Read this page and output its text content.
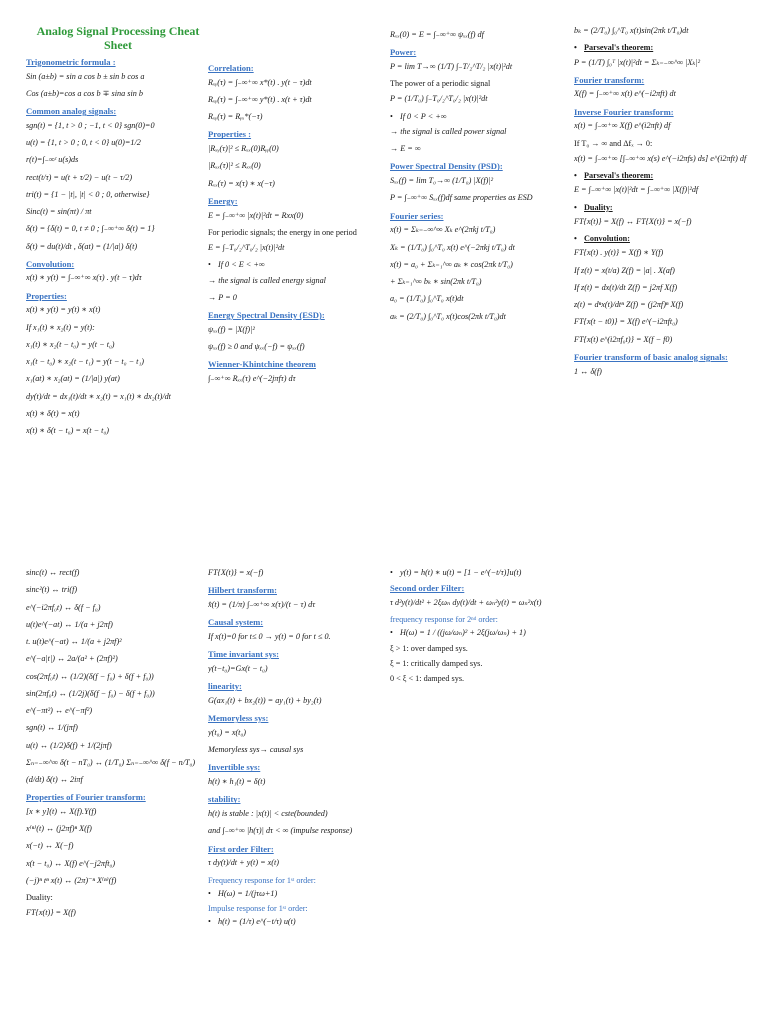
Analog Signal Processing Cheat Sheet
Trigonometric formula :
Sin (a±b) = sin a cos b ± sin b cos a
Cos (a±b)=cos a cos b ∓ sina sin b
Common analog signals:
sgn(t) = {1, t > 0 ; −1, t < 0} sgn(0)=0
u(t) = {1, t > 0 ; 0, t < 0} u(0)=1/2
r(t)=∫₋∞ᵗ u(s)ds
rect(t/τ) = u(t + τ/2) − u(t − τ/2)
tri(t) = {1 − |t|, |t| < 0 ; 0, otherwise}
Sinc(t) = sin(πt) / πt
δ(t) = {δ(t) = 0, t ≠ 0 ; ∫₋∞⁺∞ δ(t) = 1}
δ(t) = du(t)/dt , δ(at) = (1/|a|) δ(t)
Convolution:
x(t) ∗ y(t) = ∫₋∞⁺∞ x(τ) . y(t − τ)dτ
Properties:
x(t) ∗ y(t) = y(t) ∗ x(t)
If x₁(t) ∗ x₂(t) = y(t):
x₁(t) ∗ x₂(t − t₀) = y(t − t₀)
x₁(t − t₀) ∗ x₂(t − t₁) = y(t − t₀ − t₁)
x₁(at) ∗ x₂(at) = (1/|a|) y(at)
dy(t)/dt = dx₁(t)/dt ∗ x₂(t) = x₁(t) ∗ dx₂(t)/dt
x(t) ∗ δ(t) = x(t)
x(t) ∗ δ(t − t₀) = x(t − t₀)
Correlation:
Rₓᵧ(τ) = ∫₋∞⁺∞ x*(t) . y(t − τ)dt
Rₓᵧ(τ) = ∫₋∞⁺∞ y*(t) . x(t + τ)dt
Rₓᵧ(τ) = Rᵧₓ*(−τ)
Properties :
|Rₓᵧ(τ)|² ≤ Rₓₓ(0)Rᵧᵧ(0)
|Rₓₓ(τ)|² ≤ Rₓₓ(0)
Rₓₓ(τ) = x(τ) ∗ x(−τ)
Energy:
E = ∫₋∞⁺∞ |x(t)|²dt = Rxx(0)
For periodic signals; the energy in one period
E = ∫₋T₀/₂^T₀/₂ |x(t)|²dt
• If 0 < E < +∞
→ the signal is called energy signal
→ P = 0
Energy Spectral Density (ESD):
ψₓₓ(f) = |X(f)|²
ψₓₓ(f) ≥ 0 and ψₓₓ(−f) = ψₓₓ(f)
Wienner-Khintchine theorem
∫₋∞⁺∞ Rₓₓ(τ) e^(−2jπfτ) dτ
Rₓₓ(0) = E = ∫₋∞⁺∞ ψₓₓ(f) df
Power:
P = lim T→∞ (1/T) ∫₋T/₂^T/₂ |x(t)|²dt
The power of a periodic signal
P = (1/T₀) ∫₋T₀/₂^T₀/₂ |x(t)|²dt
• If 0 < P < +∞
→ the signal is called power signal
→ E = ∞
Power Spectral Density (PSD):
Sₓₓ(f) = lim T₀→∞ (1/T₀) |X(f)|²
P = ∫₋∞⁺∞ Sₓₓ(f)df same properties as ESD
Fourier series:
x(t) = Σₖ₌₋∞^∞ Xₖ e^(2πkj t/T₀)
Xₖ = (1/T₀) ∫₀^T₀ x(t) e^(−2πkj t/T₀) dt
x(t) = a₀ + Σₖ₌₁^∞ aₖ ∗ cos(2πk t/T₀)
+ Σₖ₌₁^∞ bₖ ∗ sin(2πk t/T₀)
a₀ = (1/T₀) ∫₀^T₀ x(t)dt
aₖ = (2/T₀) ∫₀^T₀ x(t)cos(2πk t/T₀)dt
bₖ = (2/T₀) ∫₀^T₀ x(t)sin(2πk t/T₀)dt
• Parseval's theorem:
P = (1/T) ∫₀ᵀ |x(t)|²dt = Σₖ₌₋∞^∞ |Xₖ|²
Fourier transform:
X(f) = ∫₋∞⁺∞ x(t) e^(−i2πft) dt
Inverse Fourier transform:
x(t) = ∫₋∞⁺∞ X(f) e^(i2πft) df
If T₀ → ∞ and Δfₓ → 0:
x(t) = ∫₋∞⁺∞ [∫₋∞⁺∞ x(s) e^(−i2πfs) ds] e^(i2πft) df
• Parseval's theorem:
E = ∫₋∞⁺∞ |x(t)|²dt = ∫₋∞⁺∞ |X(f)|²df
• Duality:
FT{x(t)} = X(f) ↔ FT{X(t)} = x(−f)
• Convolution:
FT{x(t) . y(t)} = X(f) ∗ Y(f)
If z(t) = x(t/a) Z(f) = |a| . X(af)
If z(t) = dx(t)/dt Z(f) = j2πf X(f)
z(t) = dⁿx(t)/dtⁿ Z(f) = (j2πf)ⁿ X(f)
FT{x(t − t0)} = X(f) e^(−i2πft₀)
FT{x(t) e^(i2πf₀t)} = X(f − f0)
Fourier transform of basic analog signals:
1 ↔ δ(f)
sinc(t) ↔ rect(f)
sinc²(t) ↔ tri(f)
e^(−i2πf₀t) ↔ δ(f − f₀)
u(t)e^(−at) ↔ 1/(a + j2πf)
t. u(t)e^(−at) ↔ 1/(a + j2πf)²
e^(−a|t|) ↔ 2a/(a² + (2πf)²)
cos(2πf₀t) ↔ (1/2)(δ(f − f₀) + δ(f + f₀))
sin(2πf₀t) ↔ (1/2j)(δ(f − f₀) − δ(f + f₀))
e^(−πt²) ↔ e^(−πf²)
sgn(t) ↔ 1/(jπf)
u(t) ↔ (1/2)δ(f) + 1/(2jπf)
Σₙ₌₋∞^∞ δ(t − nT₀) ↔ (1/T₀) Σₙ₌₋∞^∞ δ(f − n/T₀)
(d/dt) δ(t) ↔ 2iπf
Properties of Fourier transform:
[x ∗ y](t) ↔ X(f).Y(f)
x⁽ⁿ⁾(t) ↔ (j2πf)ⁿ X(f)
x(−t) ↔ X(−f)
x(t − t₀) ↔ X(f) e^(−j2πft₀)
(−j)ⁿ tⁿ x(t) ↔ (2π)⁻ⁿ X⁽ⁿ⁾(f)
Duality:
FT{x(t)} = X(f)
FT{X(t)} = x(−f)
Hilbert transform:
x̂(t) = (1/π) ∫₋∞⁺∞ x(τ)/(t − τ) dτ
Causal system:
If x(t)=0 for t≤ 0 → y(t) = 0 for t ≤ 0.
Time invariant sys:
y(t−t₀)=Gx(t − t₀)
linearity:
G(ax₁(t) + bx₂(t)) = ay₁(t) + by₂(t)
Memoryless sys:
y(t₀) = x(t₀)
Memoryless sys→ causal sys
Invertible sys:
h(t) ∗ h₁(t) = δ(t)
stability:
h(t) is stable : |x(t)| < cste(bounded)
and ∫₋∞⁺∞ |h(τ)| dτ < ∞ (impulse response)
First order Filter:
τ dy(t)/dt + y(t) = x(t)
Frequency response for 1ˢᵗ order:
• H(ω) = 1/(jτω+1)
Impulse response for 1ˢᵗ order:
• h(t) = (1/τ) e^(−t/τ) u(t)
• y(t) = h(t) ∗ u(t) = [1 − e^(−t/τ)]u(t)
Second order Filter:
τ d²y(t)/dt² + 2ξωₙ dy(t)/dt + ωₙ²y(t) = ωₙ²x(t)
frequency response for 2ⁿᵈ order:
• H(ω) = 1 / ((jω/ωₙ)² + 2ξ(jω/ωₙ) + 1)
ξ > 1: over damped sys.
ξ = 1: critically damped sys.
0 < ξ < 1: damped sys.
